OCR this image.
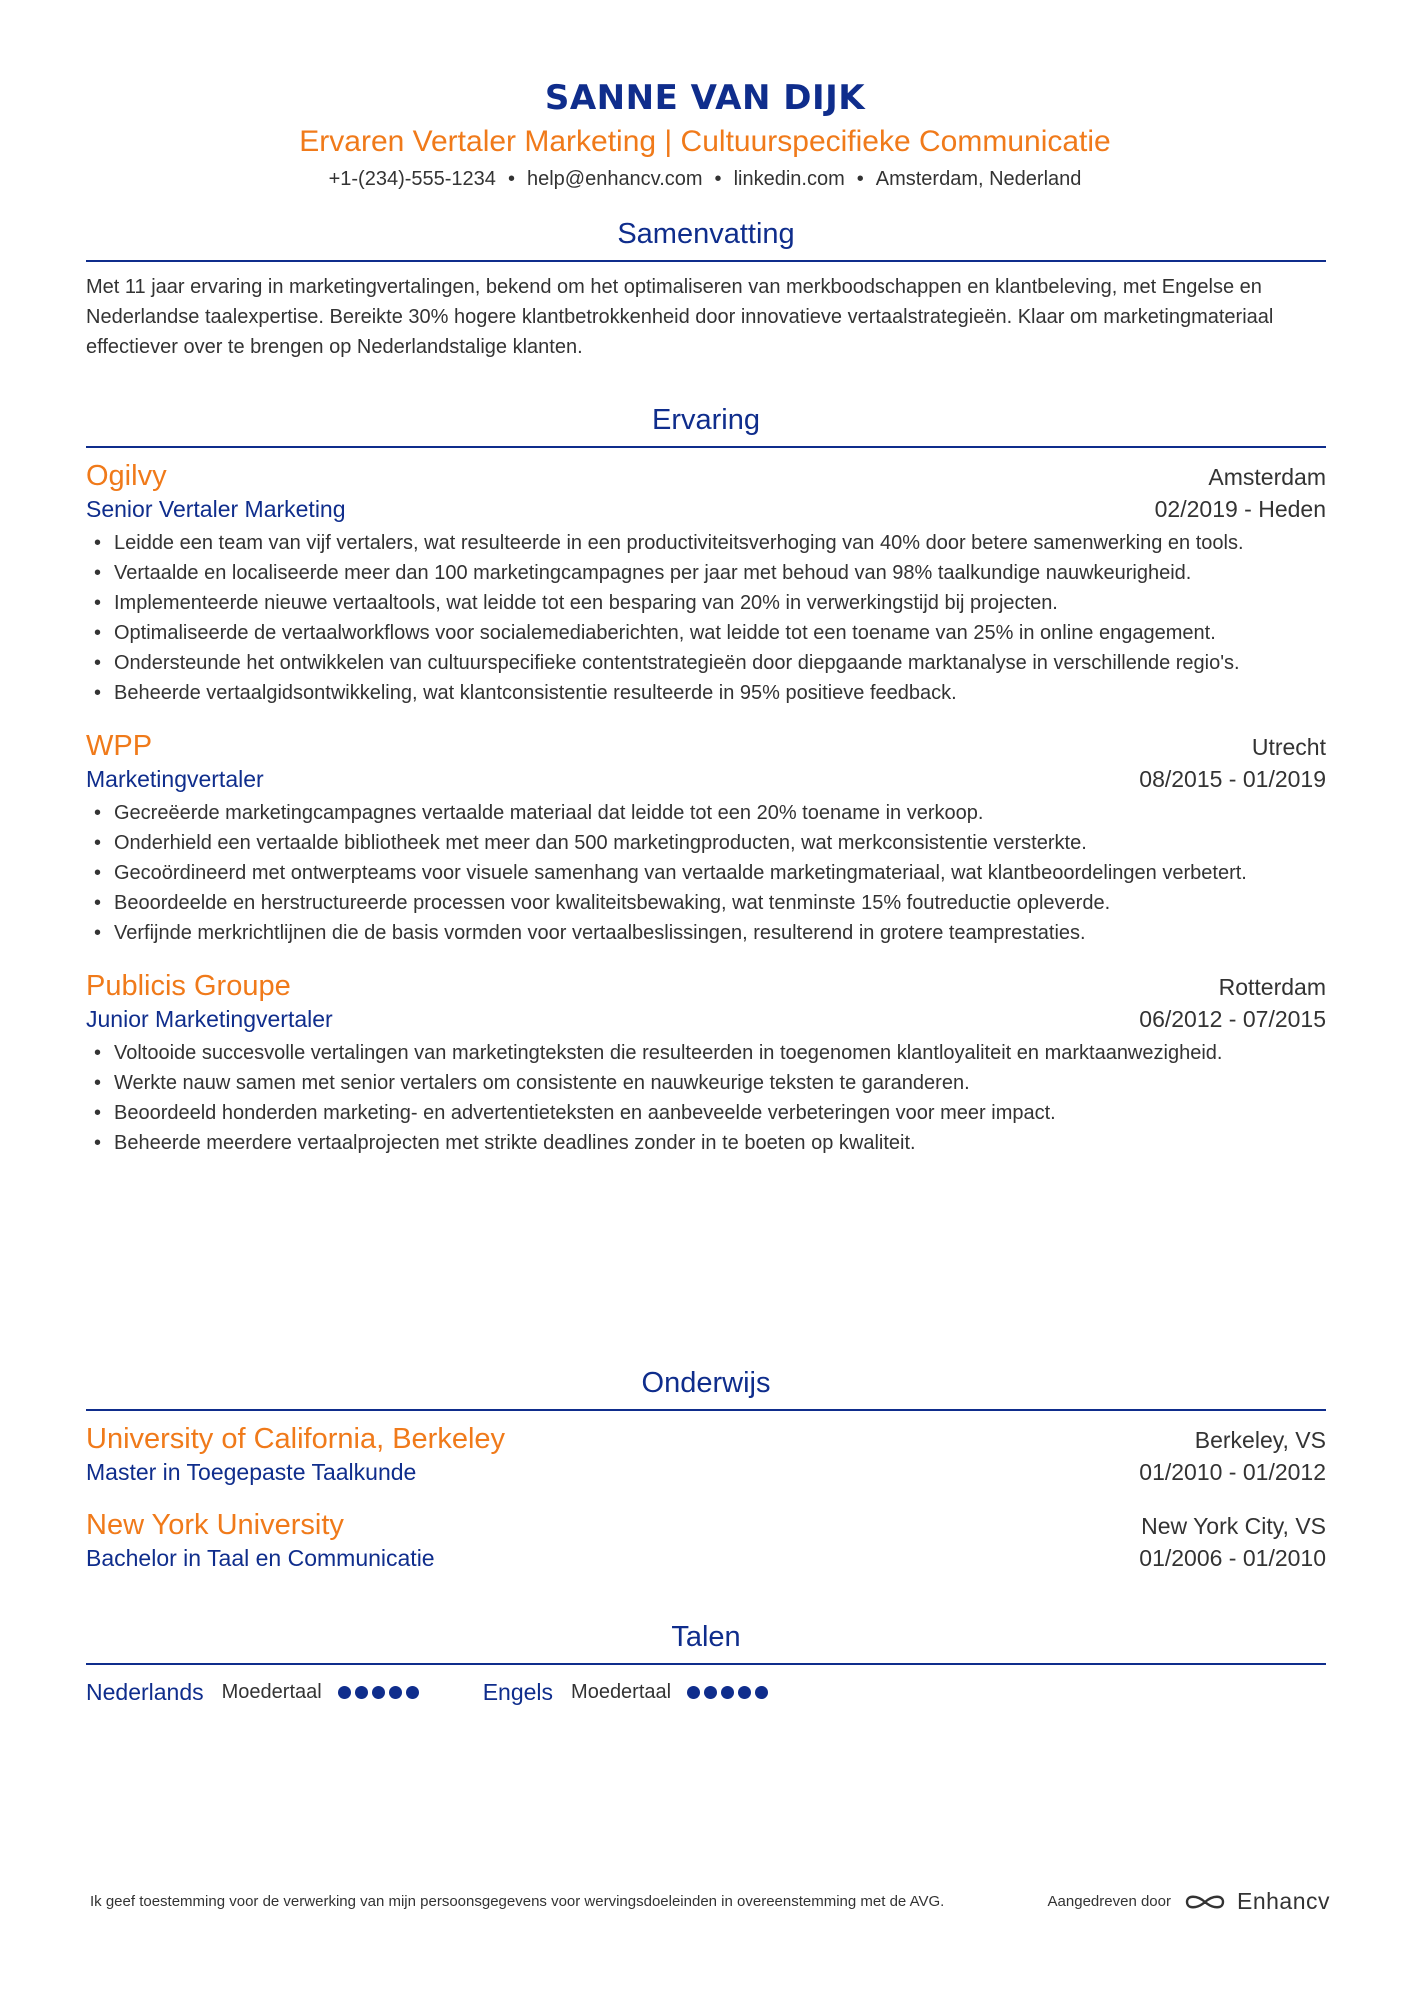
SANNE VAN DIJK
Ervaren Vertaler Marketing | Cultuurspecifieke Communicatie
+1-(234)-555-1234 • help@enhancv.com • linkedin.com • Amsterdam, Nederland
Samenvatting
Met 11 jaar ervaring in marketingvertalingen, bekend om het optimaliseren van merkboodschappen en klantbeleving, met Engelse en Nederlandse taalexpertise. Bereikte 30% hogere klantbetrokkenheid door innovatieve vertaalstrategieën. Klaar om marketingmateriaal effectiever over te brengen op Nederlandstalige klanten.
Ervaring
Ogilvy	Amsterdam
Senior Vertaler Marketing	02/2019 - Heden
• Leidde een team van vijf vertalers, wat resulteerde in een productiviteitsverhoging van 40% door betere samenwerking en tools.
• Vertaalde en localiseerde meer dan 100 marketingcampagnes per jaar met behoud van 98% taalkundige nauwkeurigheid.
• Implementeerde nieuwe vertaaltools, wat leidde tot een besparing van 20% in verwerkingstijd bij projecten.
• Optimaliseerde de vertaalworkflows voor socialemediaberichten, wat leidde tot een toename van 25% in online engagement.
• Ondersteunde het ontwikkelen van cultuurspecifieke contentstrategieën door diepgaande marktanalyse in verschillende regio's.
• Beheerde vertaalgidsontwikkeling, wat klantconsistentie resulteerde in 95% positieve feedback.
WPP	Utrecht
Marketingvertaler	08/2015 - 01/2019
• Gecreëerde marketingcampagnes vertaalde materiaal dat leidde tot een 20% toename in verkoop.
• Onderhield een vertaalde bibliotheek met meer dan 500 marketingproducten, wat merkconsistentie versterkte.
• Gecoördineerd met ontwerpteams voor visuele samenhang van vertaalde marketingmateriaal, wat klantbeoordelingen verbetert.
• Beoordeelde en herstructureerde processen voor kwaliteitsbewaking, wat tenminste 15% foutreductie opleverde.
• Verfijnde merkrichtlijnen die de basis vormden voor vertaalbeslissingen, resulterend in grotere teamprestaties.
Publicis Groupe	Rotterdam
Junior Marketingvertaler	06/2012 - 07/2015
• Voltooide succesvolle vertalingen van marketingteksten die resulteerden in toegenomen klantloyaliteit en marktaanwezigheid.
• Werkte nauw samen met senior vertalers om consistente en nauwkeurige teksten te garanderen.
• Beoordeeld honderden marketing- en advertentieteksten en aanbeveelde verbeteringen voor meer impact.
• Beheerde meerdere vertaalprojecten met strikte deadlines zonder in te boeten op kwaliteit.
Onderwijs
University of California, Berkeley	Berkeley, VS
Master in Toegepaste Taalkunde	01/2010 - 01/2012
New York University	New York City, VS
Bachelor in Taal en Communicatie	01/2006 - 01/2010
Talen
Nederlands Moedertaal	Engels Moedertaal
Ik geef toestemming voor de verwerking van mijn persoonsgegevens voor wervingsdoeleinden in overeenstemming met de AVG.	Aangedreven door	Enhancv
